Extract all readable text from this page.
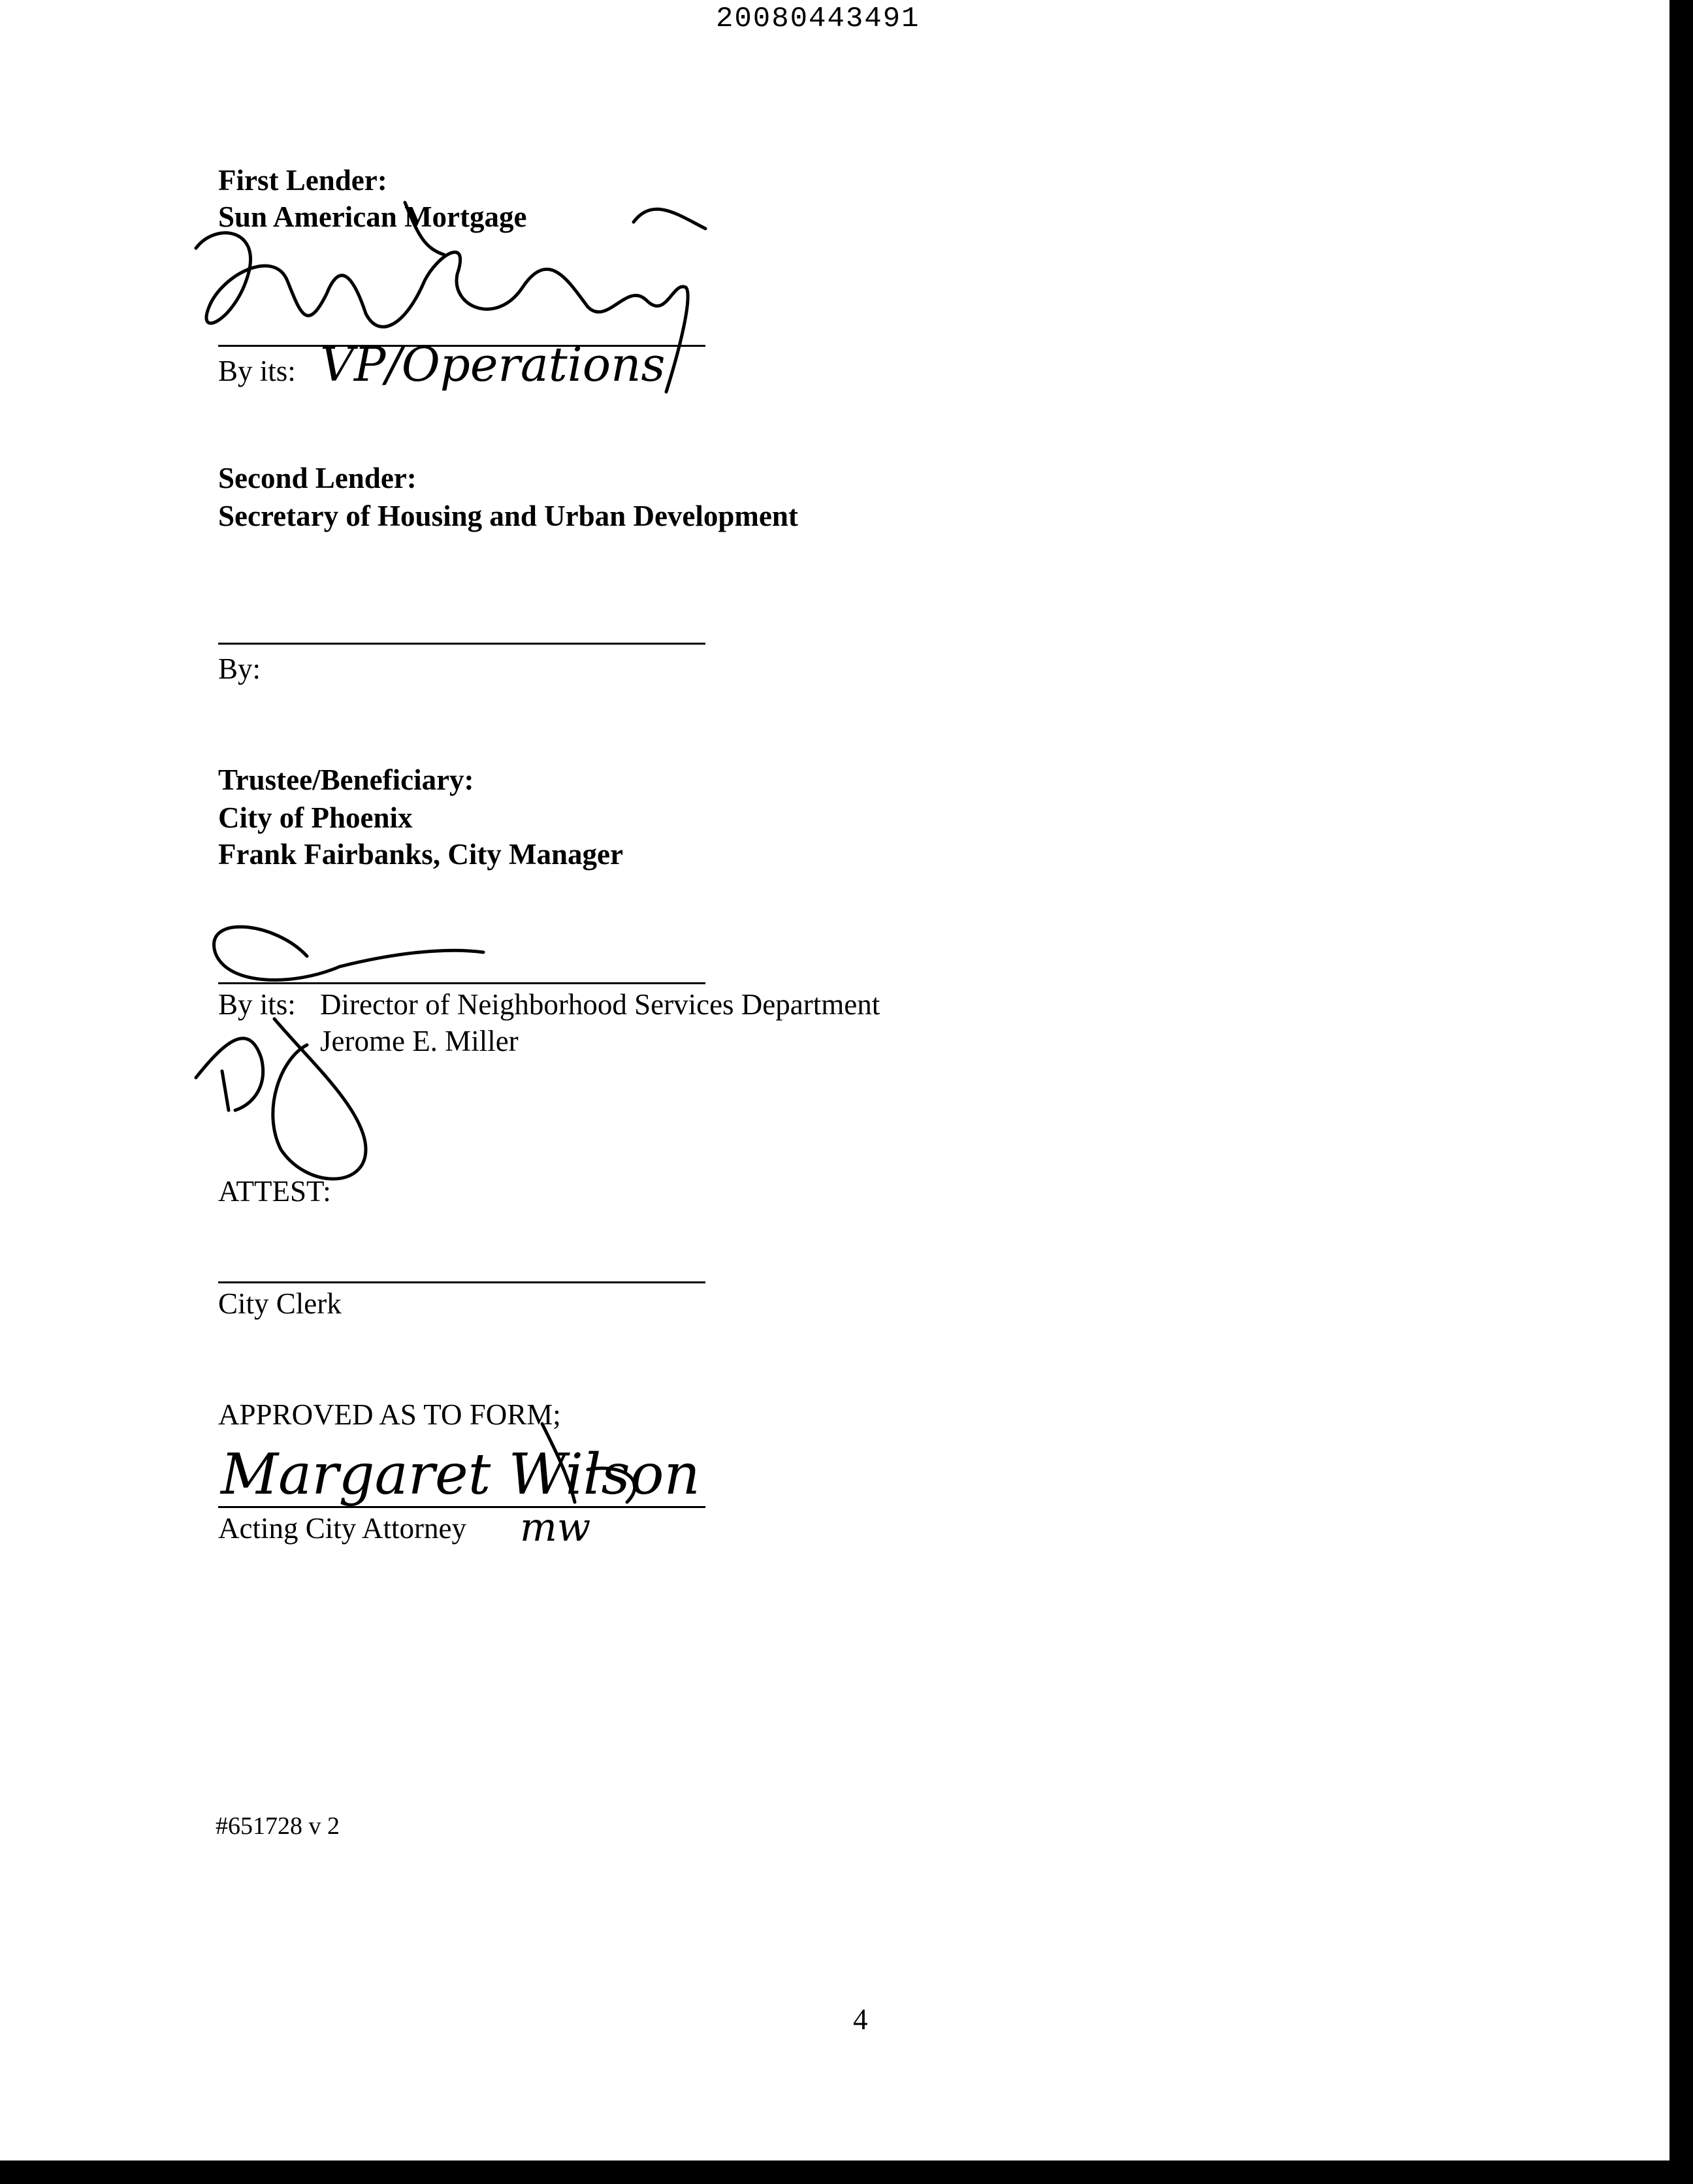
20080443491
First Lender:
Sun American Mortgage
By its: VP/Operations
Second Lender:
Secretary of Housing and Urban Development
By:
Trustee/Beneficiary:
City of Phoenix
Frank Fairbanks, City Manager
By its: Director of Neighborhood Services Department
Jerome E. Miller
ATTEST:
City Clerk
APPROVED AS TO FORM;
Margaret Wilson
Acting City Attorney mw
#651728 v 2
4
